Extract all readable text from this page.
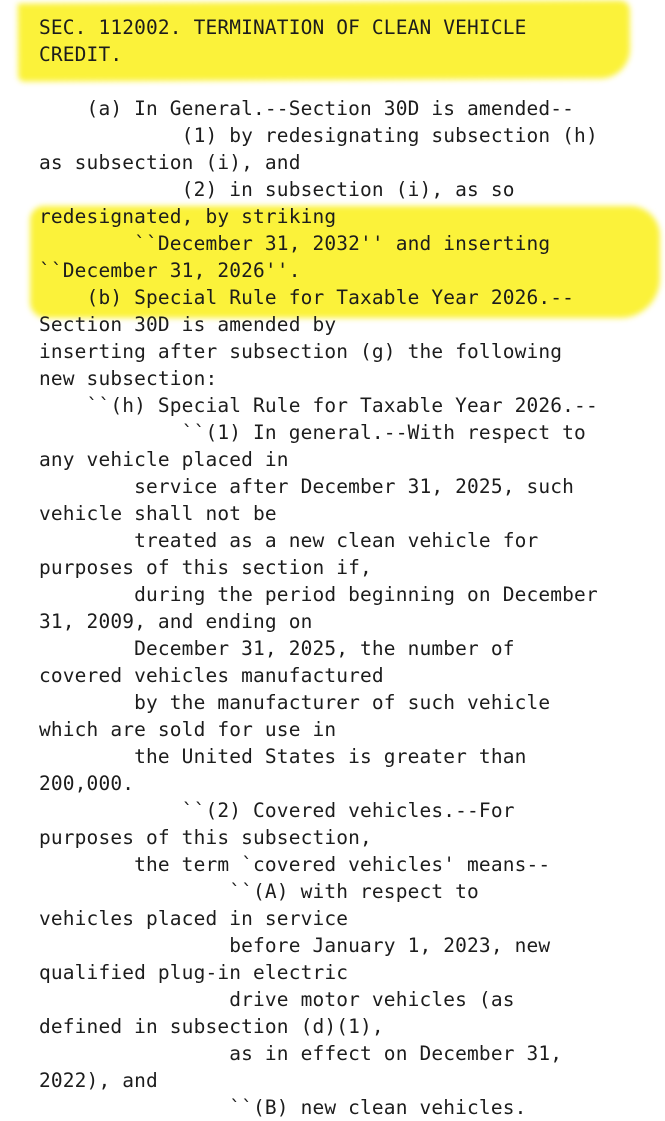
SEC. 112002. TERMINATION OF CLEAN VEHICLE
CREDIT.
(a) In General.--Section 30D is amended--
(1) by redesignating subsection (h)
as subsection (i), and
(2) in subsection (i), as so
redesignated, by striking
``December 31, 2032'' and inserting
``December 31, 2026''.
(b) Special Rule for Taxable Year 2026.--
Section 30D is amended by
inserting after subsection (g) the following
new subsection:
``(h) Special Rule for Taxable Year 2026.--
``(1) In general.--With respect to
any vehicle placed in
service after December 31, 2025, such
vehicle shall not be
treated as a new clean vehicle for
purposes of this section if,
during the period beginning on December
31, 2009, and ending on
December 31, 2025, the number of
covered vehicles manufactured
by the manufacturer of such vehicle
which are sold for use in
the United States is greater than
200,000.
``(2) Covered vehicles.--For
purposes of this subsection,
the term `covered vehicles' means--
``(A) with respect to
vehicles placed in service
before January 1, 2023, new
qualified plug-in electric
drive motor vehicles (as
defined in subsection (d)(1),
as in effect on December 31,
2022), and
``(B) new clean vehicles.
